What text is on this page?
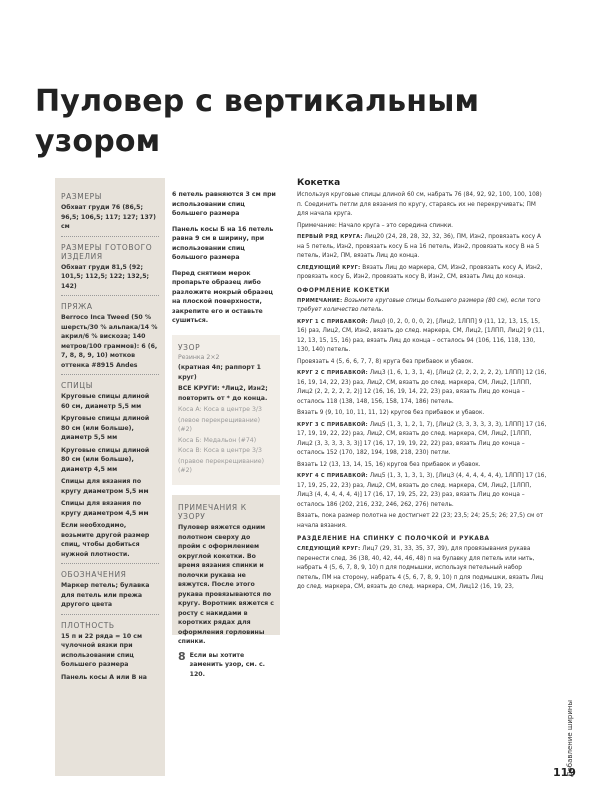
Пуловер с вертикальным
узором
РАЗМЕРЫ

Обхват груди 76 (86,5; 96,5; 106,5; 117; 127; 137) см

РАЗМЕРЫ ГОТОВОГО ИЗДЕЛИЯ

Обхват груди 81,5 (92; 101,5; 112,5; 122; 132,5; 142)

ПРЯЖА

Berroco Inca Tweed (50 % шерсть/30 % альпака/14 % акрил/6 % вискоза; 140 метров/100 граммов): 6 (6, 7, 8, 8, 9, 10) мотков оттенка #8915 Andes

СПИЦЫ

Круговые спицы длиной 60 см, диаметр 5,5 мм

Круговые спицы длиной 80 см (или больше), диаметр 5,5 мм

Круговые спицы длиной 80 см (или больше), диаметр 4,5 мм

Спицы для вязания по кругу диаметром 5,5 мм

Спицы для вязания по кругу диаметром 4,5 мм

Если необходимо, возьмите другой размер спиц, чтобы добиться нужной плотности.

ОБОЗНАЧЕНИЯ

Маркер петель; булавка для петель или прежа другого цвета

ПЛОТНОСТЬ

15 п и 22 ряда = 10 см чулочной вязки при использовании спиц большего размера

Панель косы А или В на

6 петель равняются 3 см при использовании спиц большего размера

Панель косы Б на 16 петель равна 9 см в ширину, при использовании спиц большого размера

Перед снятием мерок пропарьте образец либо разложите мокрый образец на плоской поверхности, закрепите его и оставьте сушиться.

УЗОР
Резинка 2×2

(кратная 4п; раппорт 1 круг)

ВСЕ КРУГИ: *Лиц2, Изн2; повторить от * до конца.

Коса А: Коса в центре 3/3

(левое перекрещивание) (#2)

Коса Б: Медальон (#74)

Коса В: Коса в центре 3/3

(правое перекрещивание) (#2)

ПРИМЕЧАНИЯ К УЗОРУ

Пуловер вяжется одним полотном сверху до пройм с оформлением округлой кокетки. Во время вязания спинки и полочки рукава не вяжутся. После этого рукава провязываются по кругу. Воротник вяжется с росту с накидами в коротких рядах для оформления горловины спинки.

8 Если вы хотите заменить узор, см. с. 120.
Кокетка

Используя круговые спицы длиной 60 см, набрать 76 (84, 92, 92, 100, 100, 108) п. Соединить петли для вязания по кругу, стараясь их не перекручивать; ПМ для начала круга.

Примечание: Начало круга – это середина спинки.

ПЕРВЫЙ РЯД КРУГА: Лиц20 (24, 28, 28, 32, 32, 36), ПМ, Изн2, провязать косу А на 5 петель, Изн2, провязать косу Б на 16 петель, Изн2, провязать косу В на 5 петель, Изн2, ПМ, вязать Лиц до конца.

СЛЕДУЮЩИЙ КРУГ: Вязать Лиц до маркера, СМ, Изн2, провязать косу А, Изн2, провязать косу Б, Изн2, провязать косу В, Изн2, СМ, вязать Лиц до конца.

ОФОРМЛЕНИЕ КОКЕТКИ

ПРИМЕЧАНИЕ: Возьмите круговые спицы большего размера (80 см), если того требует количество петель.

КРУГ 1 С ПРИБАВКОЙ: Лиц0 (0, 2, 0, 0, 0, 2), [Лиц2, 1ЛПП] 9 (11, 12, 13, 15, 15, 16) раз, Лиц2, СМ, Изн2, вязать до след. маркера, СМ, Лиц2, [1ЛПП, Лиц2] 9 (11, 12, 13, 15, 15, 16) раз, вязать Лиц до конца – осталось 94 (106, 116, 118, 130, 130, 140) петель.

Провязать 4 (5, 6, 6, 7, 7, 8) круга без прибавок и убавок.

КРУГ 2 С ПРИБАВКОЙ: Лиц3 (1, 6, 1, 3, 1, 4), [Лиц2 (2, 2, 2, 2, 2, 2), 1ЛПП] 12 (16, 16, 19, 14, 22, 23) раз, Лиц2, СМ, вязать до след. маркера, СМ, Лиц2, [1ЛПП, Лиц2 (2, 2, 2, 2, 2, 2)] 12 (16, 16, 19, 14, 22, 23) раз, вязать Лиц до конца – осталось 118 (138, 148, 156, 158, 174, 186) петель.

Вязать 9 (9, 10, 10, 11, 11, 12) кругов без прибавок и убавок.

КРУГ 3 С ПРИБАВКОЙ: Лиц5 (1, 3, 1, 2, 1, 7), [Лиц2 (3, 3, 3, 3, 3, 3), 1ЛПП] 17 (16, 17, 19, 19, 22, 22) раз, Лиц2, СМ, вязать до след. маркера, СМ, Лиц2, [1ЛПП, Лиц2 (3, 3, 3, 3, 3, 3)] 17 (16, 17, 19, 19, 22, 22) раз, вязать Лиц до конца – осталось 152 (170, 182, 194, 198, 218, 230) петли.

Вязать 12 (13, 13, 14, 15, 16) кругов без прибавок и убавок.

КРУГ 4 С ПРИБАВКОЙ: Лиц5 (1, 3, 1, 3, 1, 3), [Лиц3 (4, 4, 4, 4, 4, 4), 1ЛПП] 17 (16, 17, 19, 25, 22, 23) раз, Лиц2, СМ, вязать до след. маркера, СМ, Лиц2, [1ЛПП, Лиц3 (4, 4, 4, 4, 4, 4)] 17 (16, 17, 19, 25, 22, 23) раз, вязать Лиц до конца – осталось 186 (202, 216, 232, 246, 262, 276) петель.

Вязать, пока размер полотна не достигнет 22 (23; 23,5; 24; 25,5; 26; 27,5) см от начала вязания.

РАЗДЕЛЕНИЕ НА СПИНКУ С ПОЛОЧКОЙ И РУКАВА

СЛЕДУЮЩИЙ КРУГ: Лиц7 (29, 31, 33, 35, 37, 39), для провязывания рукава перенести след. 36 (38, 40, 42, 44, 46, 48) п на булавку для петель или нить, набрать 4 (5, 6, 7, 8, 9, 10) п для подмышки, используя петельный набор петель, ПМ на сторону, набрать 4 (5, 6, 7, 8, 9, 10) п для подмышки, вязать Лиц до след. маркера, СМ, вязать до след. маркера, СМ, Лиц12 (16, 19, 23,

Добавление ширины
119
